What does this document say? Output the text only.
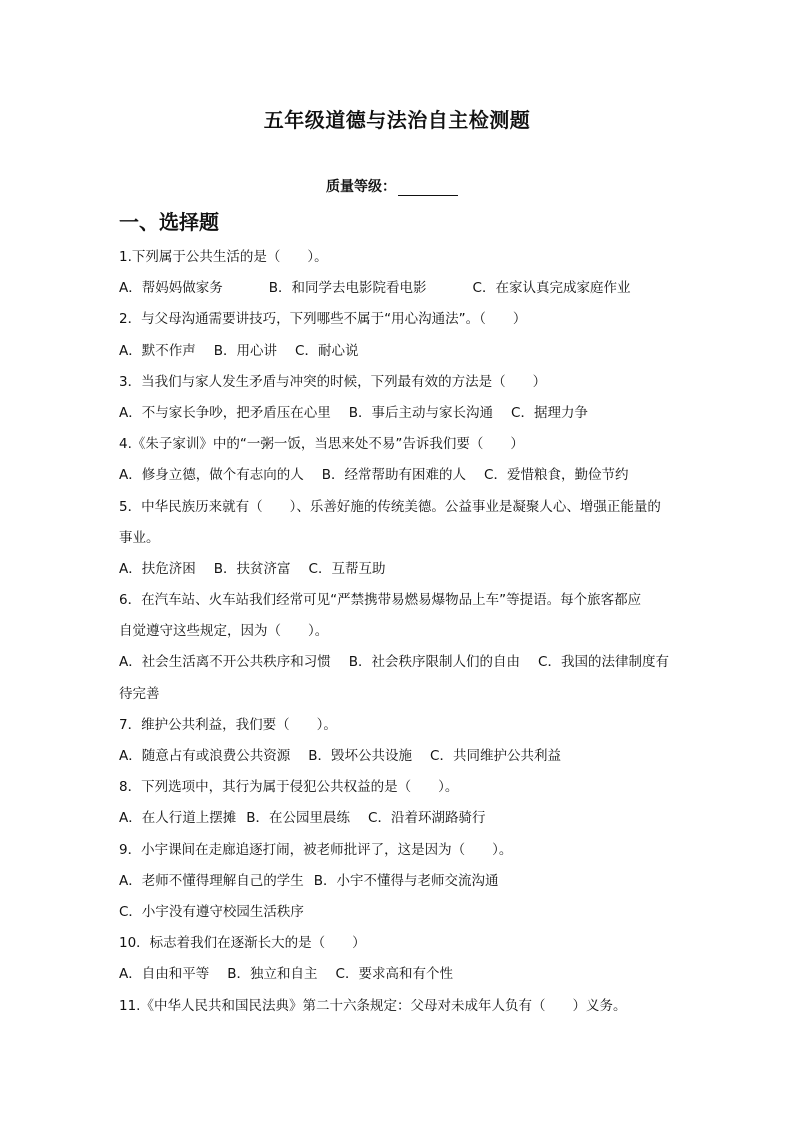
五年级道德与法治自主检测题
质量等级：
一、选择题
1.下列属于公共生活的是（　　）。
A．帮妈妈做家务	B．和同学去电影院看电影	C．在家认真完成家庭作业
2．与父母沟通需要讲技巧，下列哪些不属于“用心沟通法”。（　　）
A．默不作声 B．用心讲 C．耐心说
3．当我们与家人发生矛盾与冲突的时候，下列最有效的方法是（　　）
A．不与家长争吵，把矛盾压在心里 B．事后主动与家长沟通 C．据理力争
4.《朱子家训》中的“一粥一饭，当思来处不易”告诉我们要（　　）
A．修身立德，做个有志向的人 B．经常帮助有困难的人 C．爱惜粮食，勤俭节约
5．中华民族历来就有（　　）、乐善好施的传统美德。公益事业是凝聚人心、增强正能量的
事业。
A．扶危济困 B．扶贫济富 C．互帮互助
6．在汽车站、火车站我们经常可见“严禁携带易燃易爆物品上车”等提语。每个旅客都应
自觉遵守这些规定，因为（　　）。
A．社会生活离不开公共秩序和习惯 B．社会秩序限制人们的自由 C．我国的法律制度有
待完善
7．维护公共利益，我们要（　　）。
A．随意占有或浪费公共资源 B．毁坏公共设施 C．共同维护公共利益
8．下列选项中，其行为属于侵犯公共权益的是（　　）。
A．在人行道上摆摊 B．在公园里晨练 C．沿着环湖路骑行
9．小宇课间在走廊追逐打闹，被老师批评了，这是因为（　　）。
A．老师不懂得理解自己的学生 B．小宇不懂得与老师交流沟通
C．小宇没有遵守校园生活秩序
10．标志着我们在逐渐长大的是（　　）
A．自由和平等 B．独立和自主 C．要求高和有个性
11.《中华人民共和国民法典》第二十六条规定：父母对未成年人负有（　　）义务。
